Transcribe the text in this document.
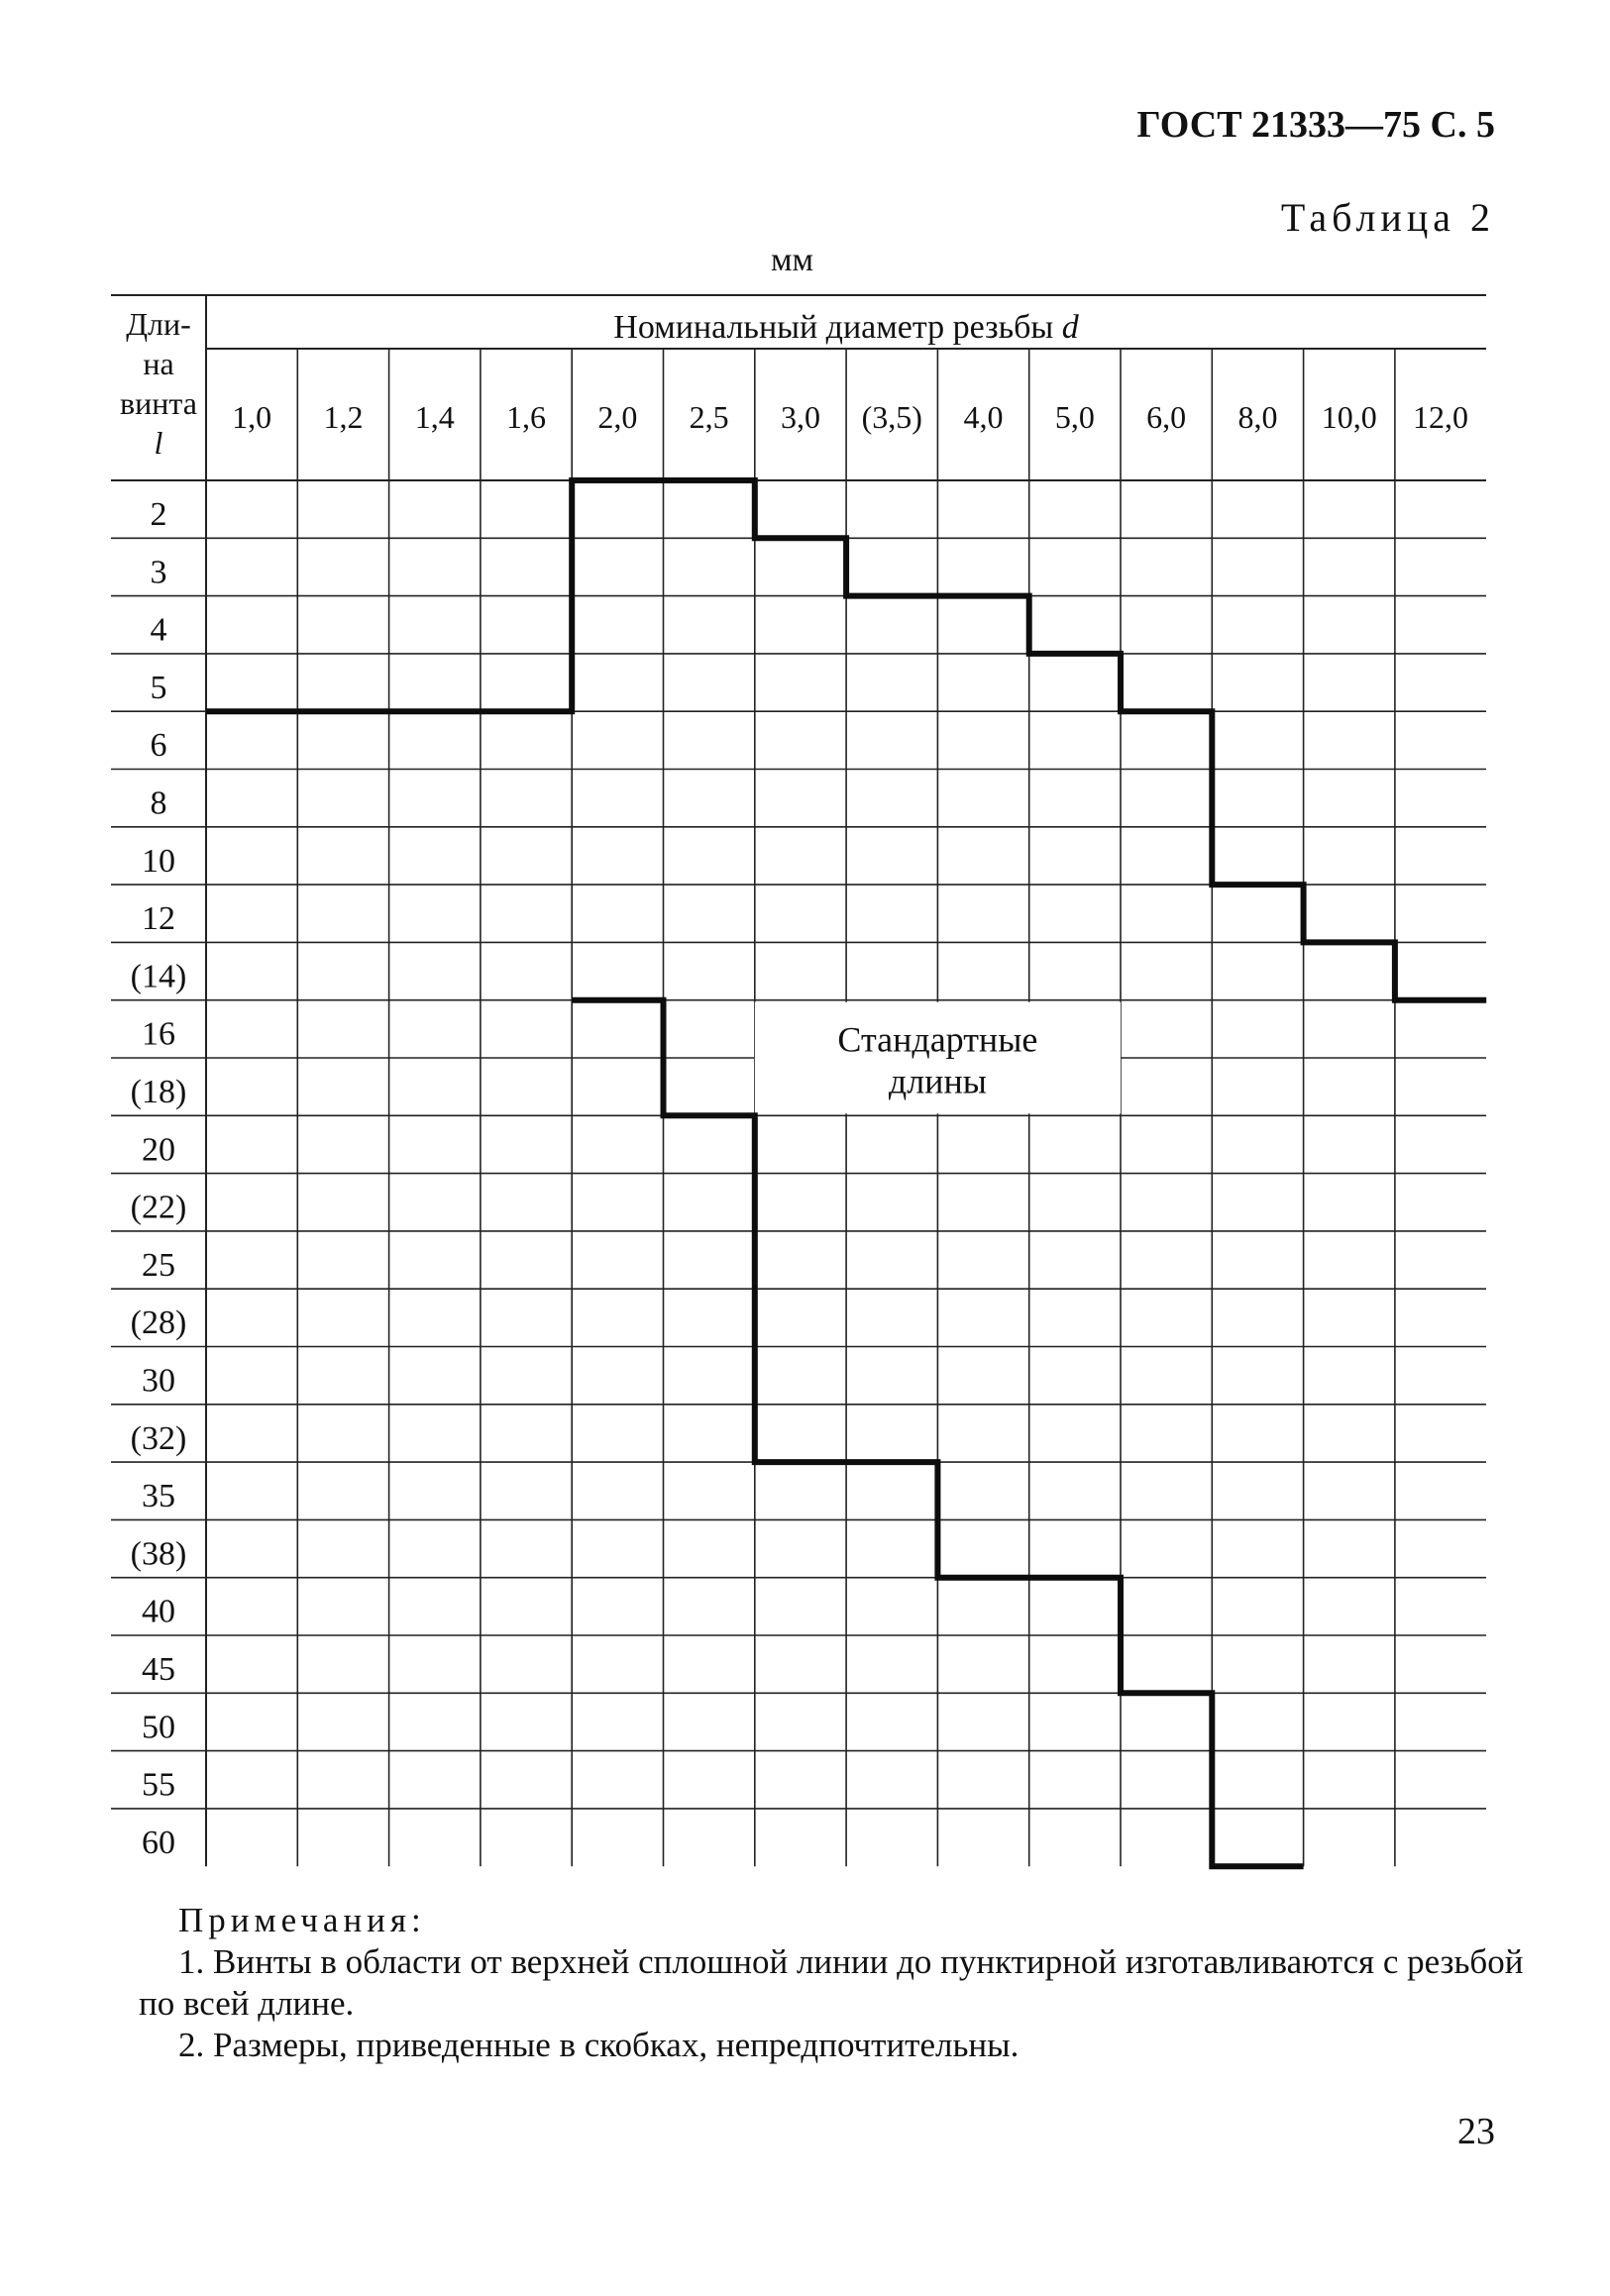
ГОСТ 21333—75 С. 5
Таблица 2
мм
Дли-
на
винта
l
Номинальный диаметр резьбы d
1,0 1,2 1,4 1,6 2,0 2,5 3,0 (3,5) 4,0 5,0 6,0 8,0 10,0 12,0
2
3
4
5
6
8
10
12
(14)
16
(18)
20
(22)
25
(28)
30
(32)
35
(38)
40
45
50
55
60
Стандартные
длины
Примечания:
1. Винты в области от верхней сплошной линии до пунктирной изготавливаются с резьбой по всей длине.
2. Размеры, приведенные в скобках, непредпочтительны.
23
